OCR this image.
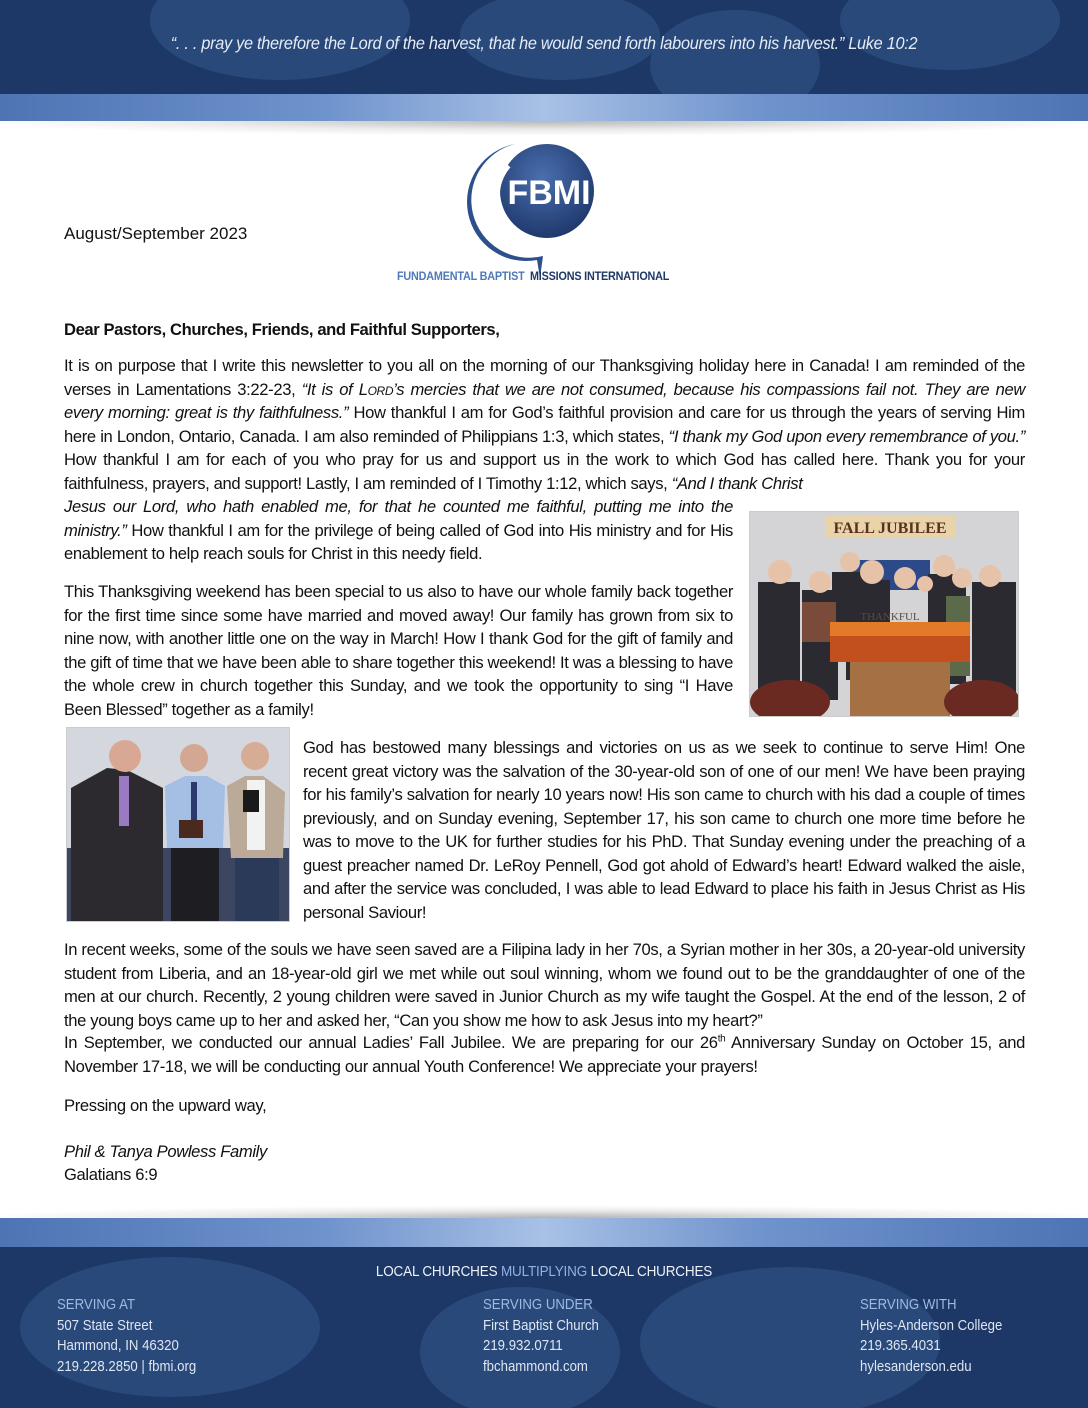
“. . . pray ye therefore the Lord of the harvest, that he would send forth labourers into his harvest.” Luke 10:2
FBMI
FUNDAMENTAL BAPTIST MISSIONS INTERNATIONAL
August/September 2023
Dear Pastors, Churches, Friends, and Faithful Supporters,
It is on purpose that I write this newsletter to you all on the morning of our Thanksgiving holiday here in Canada! I am reminded of the verses in Lamentations 3:22-23, “It is of Lord’s mercies that we are not consumed, because his compassions fail not. They are new every morning: great is thy faithfulness.” How thankful I am for God’s faithful provision and care for us through the years of serving Him here in London, Ontario, Canada. I am also reminded of Philippians 1:3, which states, “I thank my God upon every remembrance of you.” How thankful I am for each of you who pray for us and support us in the work to which God has called here. Thank you for your faithfulness, prayers, and support! Lastly, I am reminded of I Timothy 1:12, which says, “And I thank Christ
Jesus our Lord, who hath enabled me, for that he counted me faithful, putting me into the ministry.” How thankful I am for the privilege of being called of God into His ministry and for His enablement to help reach souls for Christ in this needy field.
This Thanksgiving weekend has been special to us also to have our whole family back together for the first time since some have married and moved away! Our family has grown from six to nine now, with another little one on the way in March! How I thank God for the gift of family and the gift of time that we have been able to share together this weekend! It was a blessing to have the whole crew in church together this Sunday, and we took the opportunity to sing “I Have Been Blessed” together as a family!
God has bestowed many blessings and victories on us as we seek to continue to serve Him! One recent great victory was the salvation of the 30-year-old son of one of our men! We have been praying for his family’s salvation for nearly 10 years now! His son came to church with his dad a couple of times previously, and on Sunday evening, September 17, his son came to church one more time before he was to move to the UK for further studies for his PhD. That Sunday evening under the preaching of a guest preacher named Dr. LeRoy Pennell, God got ahold of Edward’s heart! Edward walked the aisle, and after the service was concluded, I was able to lead Edward to place his faith in Jesus Christ as His personal Saviour!
In recent weeks, some of the souls we have seen saved are a Filipina lady in her 70s, a Syrian mother in her 30s, a 20-year-old university student from Liberia, and an 18-year-old girl we met while out soul winning, whom we found out to be the granddaughter of one of the men at our church. Recently, 2 young children were saved in Junior Church as my wife taught the Gospel. At the end of the lesson, 2 of the young boys came up to her and asked her, “Can you show me how to ask Jesus into my heart?”
In September, we conducted our annual Ladies’ Fall Jubilee. We are preparing for our 26th Anniversary Sunday on October 15, and November 17-18, we will be conducting our annual Youth Conference! We appreciate your prayers!
Pressing on the upward way,
Phil & Tanya Powless Family
Galatians 6:9
FALL JUBILEE
THANKFUL
LOCAL CHURCHES MULTIPLYING LOCAL CHURCHES
SERVING AT
507 State Street
Hammond, IN 46320
219.228.2850 | fbmi.org
SERVING UNDER
First Baptist Church
219.932.0711
fbchammond.com
SERVING WITH
Hyles-Anderson College
219.365.4031
hylesanderson.edu
